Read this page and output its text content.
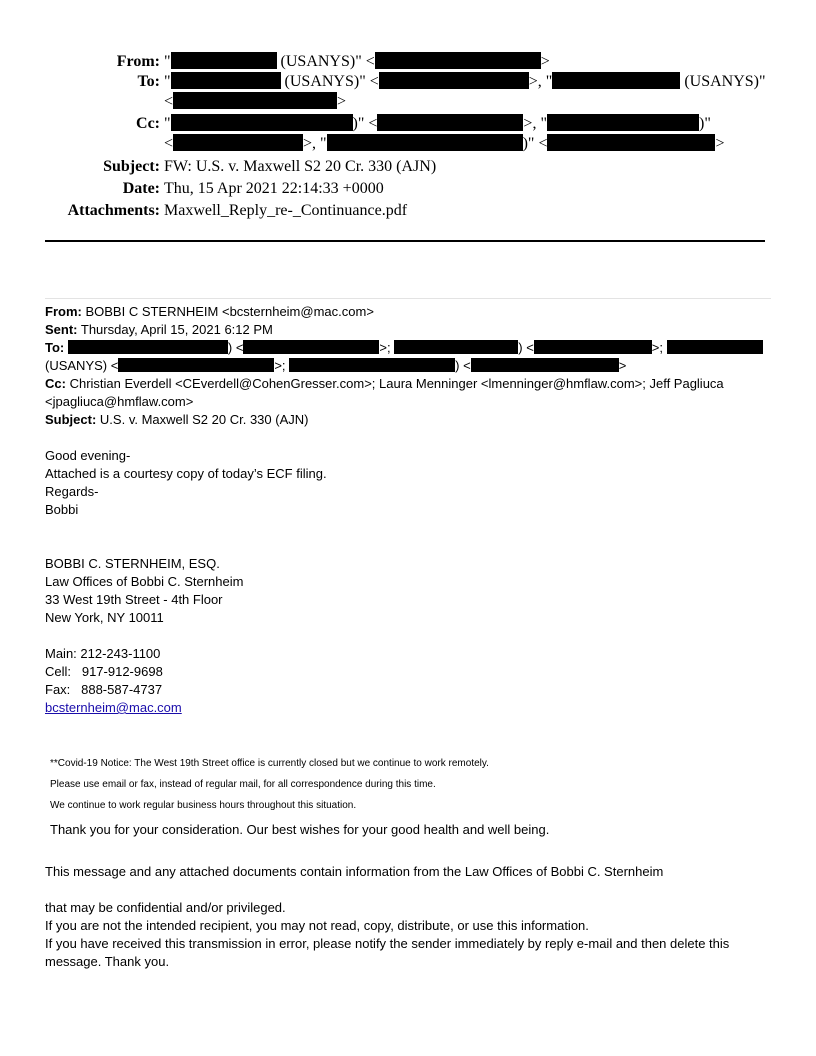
From: "	(USANYS)" <	>
To: "	(USANYS)" <	>, "	(USANYS)"
<	>
Cc: "	)" <	>, "	)"
<	>, "	)" <	>
Subject: FW: U.S. v. Maxwell S2 20 Cr. 330 (AJN)
Date: Thu, 15 Apr 2021 22:14:33 +0000
Attachments: Maxwell_Reply_re-_Continuance.pdf
From: BOBBI C STERNHEIM <bcsternheim@mac.com>
Sent: Thursday, April 15, 2021 6:12 PM
To:	) <	>;	) <	>;
(USANYS) <	>;	) <	>
Cc: Christian Everdell <CEverdell@CohenGresser.com>; Laura Menninger <lmenninger@hmflaw.com>; Jeff Pagliuca
<jpagliuca@hmflaw.com>
Subject: U.S. v. Maxwell S2 20 Cr. 330 (AJN)
Good evening-
Attached is a courtesy copy of today’s ECF filing.
Regards-
Bobbi
BOBBI C. STERNHEIM, ESQ.
Law Offices of Bobbi C. Sternheim
33 West 19th Street - 4th Floor
New York, NY 10011
Main: 212-243-1100
Cell:   917-912-9698
Fax:   888-587-4737
bcsternheim@mac.com
**Covid-19 Notice: The West 19th Street office is currently closed but we continue to work remotely.
Please use email or fax, instead of regular mail, for all correspondence during this time.
We continue to work regular business hours throughout this situation.
Thank you for your consideration. Our best wishes for your good health and well being.
This message and any attached documents contain information from the Law Offices of Bobbi C. Sternheim
that may be confidential and/or privileged.
If you are not the intended recipient, you may not read, copy, distribute, or use this information.
If you have received this transmission in error, please notify the sender immediately by reply e-mail and then delete this message. Thank you.
